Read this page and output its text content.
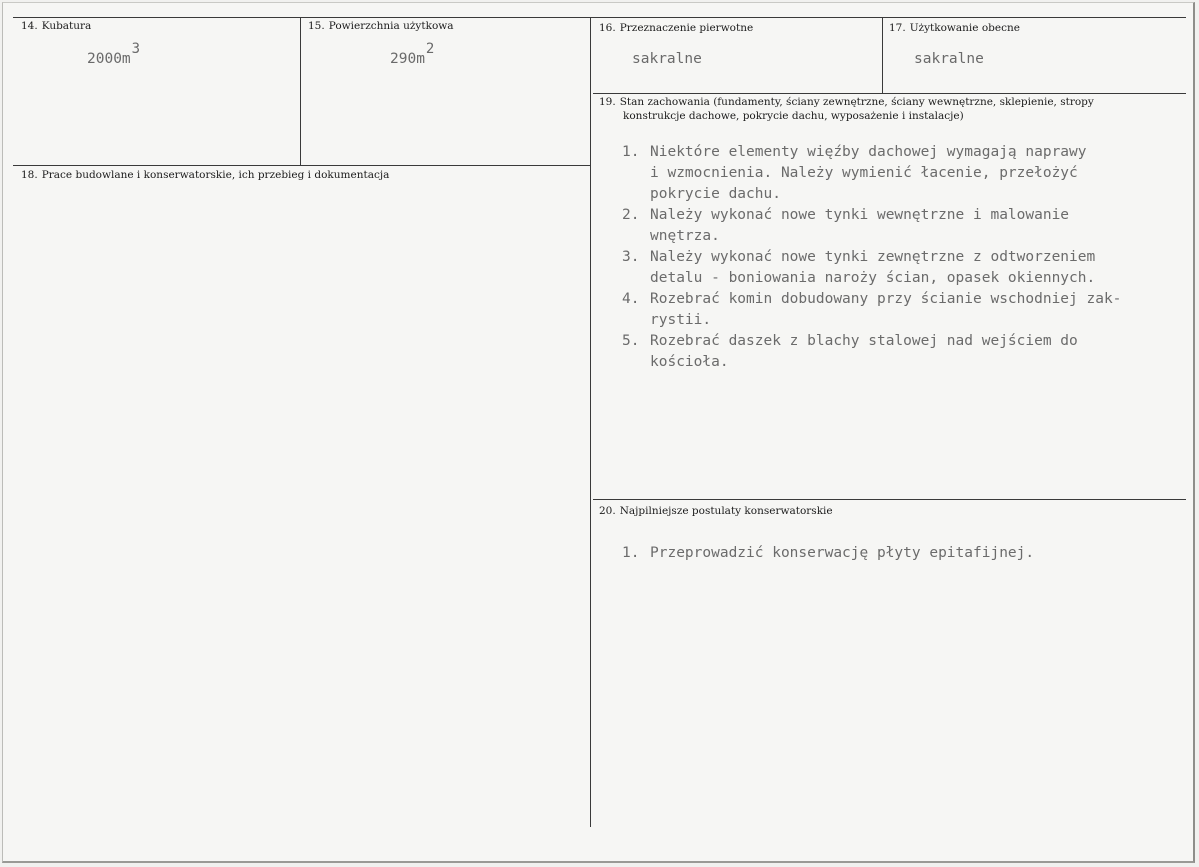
14. Kubatura
2000m3
15. Powierzchnia użytkowa
290m2
16. Przeznaczenie pierwotne
sakralne
17. Użytkowanie obecne
sakralne
18. Prace budowlane i konserwatorskie, ich przebieg i dokumentacja
19. Stan zachowania (fundamenty, ściany zewnętrzne, ściany wewnętrzne, sklepienie, stropy
konstrukcje dachowe, pokrycie dachu, wyposażenie i instalacje)
1. Niektóre elementy więźby dachowej wymagają naprawy
i wzmocnienia. Należy wymienić łacenie, przełożyć
pokrycie dachu.
2. Należy wykonać nowe tynki wewnętrzne i malowanie
wnętrza.
3. Należy wykonać nowe tynki zewnętrzne z odtworzeniem
detalu - boniowania naroży ścian, opasek okiennych.
4. Rozebrać komin dobudowany przy ścianie wschodniej zak-
rystii.
5. Rozebrać daszek z blachy stalowej nad wejściem do
kościoła.
20. Najpilniejsze postulaty konserwatorskie
1. Przeprowadzić konserwację płyty epitafijnej.
